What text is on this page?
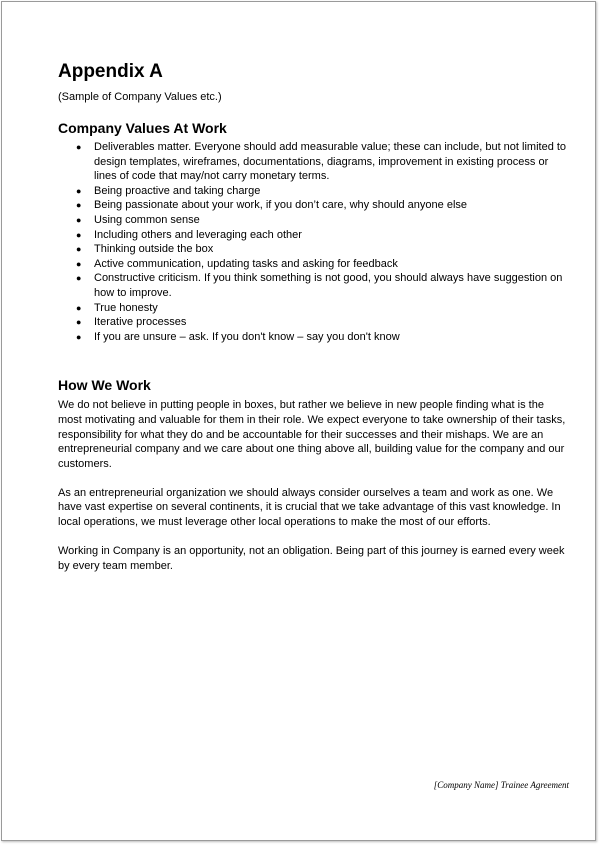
Appendix A
(Sample of Company Values etc.)
Company Values At Work
● Deliverables matter. Everyone should add measurable value; these can include, but not limited to design templates, wireframes, documentations, diagrams, improvement in existing process or lines of code that may/not carry monetary terms.
● Being proactive and taking charge
● Being passionate about your work, if you don’t care, why should anyone else
● Using common sense
● Including others and leveraging each other
● Thinking outside the box
● Active communication, updating tasks and asking for feedback
● Constructive criticism. If you think something is not good, you should always have suggestion on how to improve.
● True honesty
● Iterative processes
● If you are unsure – ask. If you don't know – say you don't know
How We Work

We do not believe in putting people in boxes, but rather we believe in new people finding what is the most motivating and valuable for them in their role. We expect everyone to take ownership of their tasks, responsibility for what they do and be accountable for their successes and their mishaps. We are an entrepreneurial company and we care about one thing above all, building value for the company and our customers.

As an entrepreneurial organization we should always consider ourselves a team and work as one. We have vast expertise on several continents, it is crucial that we take advantage of this vast knowledge. In local operations, we must leverage other local operations to make the most of our efforts.

Working in Company is an opportunity, not an obligation. Being part of this journey is earned every week by every team member.

[Company Name] Trainee Agreement
